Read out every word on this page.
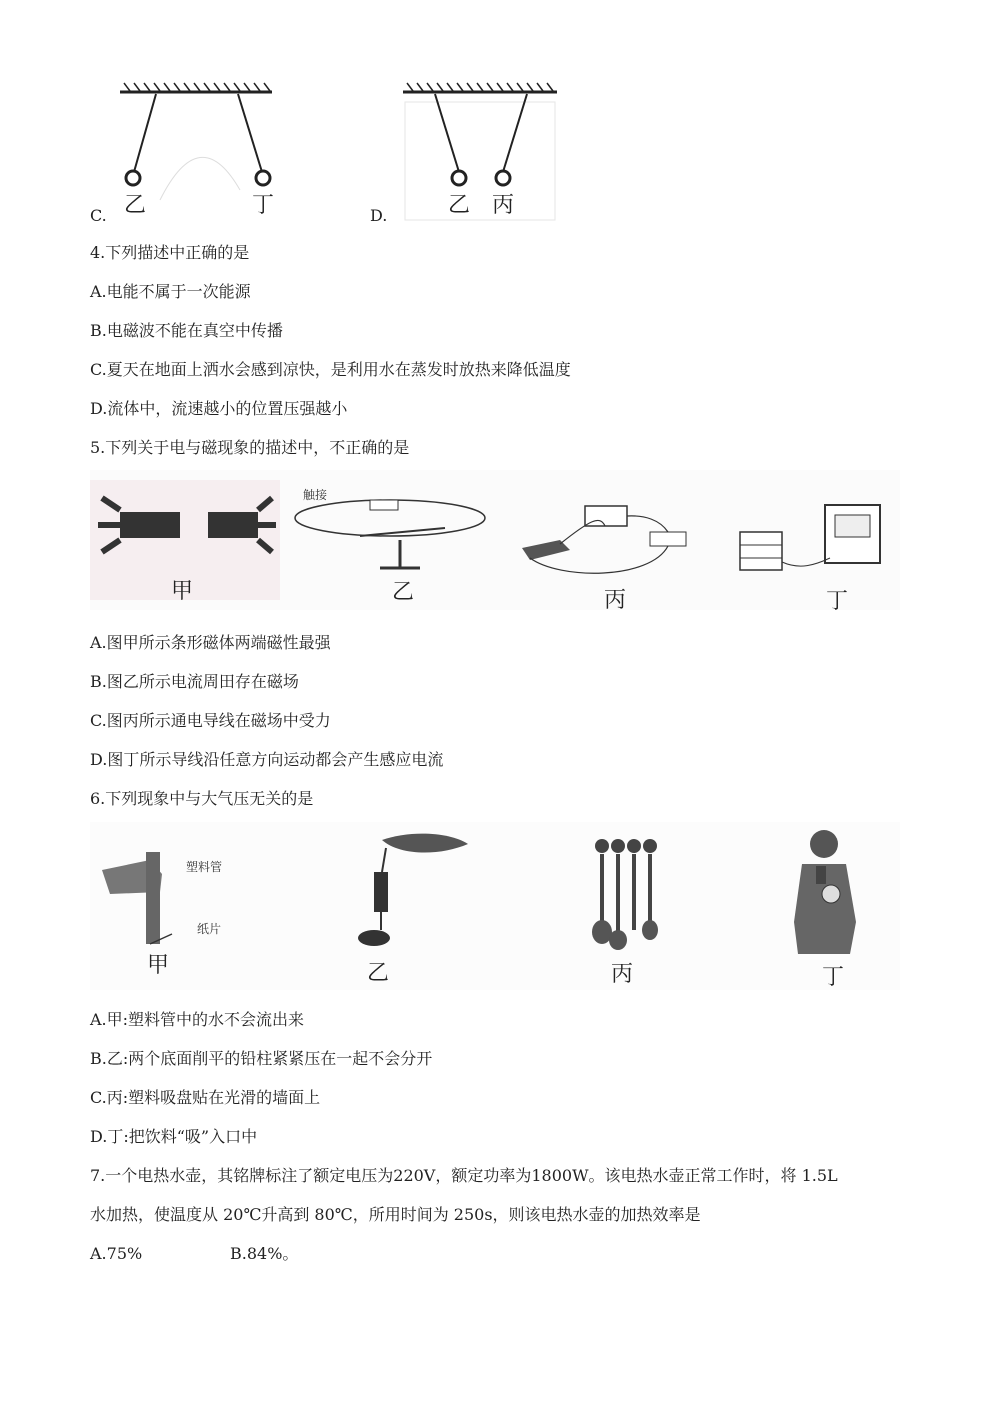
乙	丁
C.	乙 丙
D.
4.下列描述中正确的是
A.电能不属于一次能源
B.电磁波不能在真空中传播
C.夏天在地面上洒水会感到凉快，是利用水在蒸发时放热来降低温度
D.流体中，流速越小的位置压强越小
5.下列关于电与磁现象的描述中，不正确的是
触接
甲	乙	丙	丁
A.图甲所示条形磁体两端磁性最强
B.图乙所示电流周田存在磁场
C.图丙所示通电导线在磁场中受力
D.图丁所示导线沿任意方向运动都会产生感应电流
6.下列现象中与大气压无关的是
塑料管
纸片
甲	乙	丙	丁
A.甲:塑料管中的水不会流出来
B.乙:两个底面削平的铅柱紧紧压在一起不会分开
C.丙:塑料吸盘贴在光滑的墙面上
D.丁:把饮料“吸”入口中
7.一个电热水壶，其铭牌标注了额定电压为220V，额定功率为1800W。该电热水壶正常工作时，将 1.5L
水加热，使温度从 20℃升高到 80℃，所用时间为 250s，则该电热水壶的加热效率是
A.75%	B.84%。
